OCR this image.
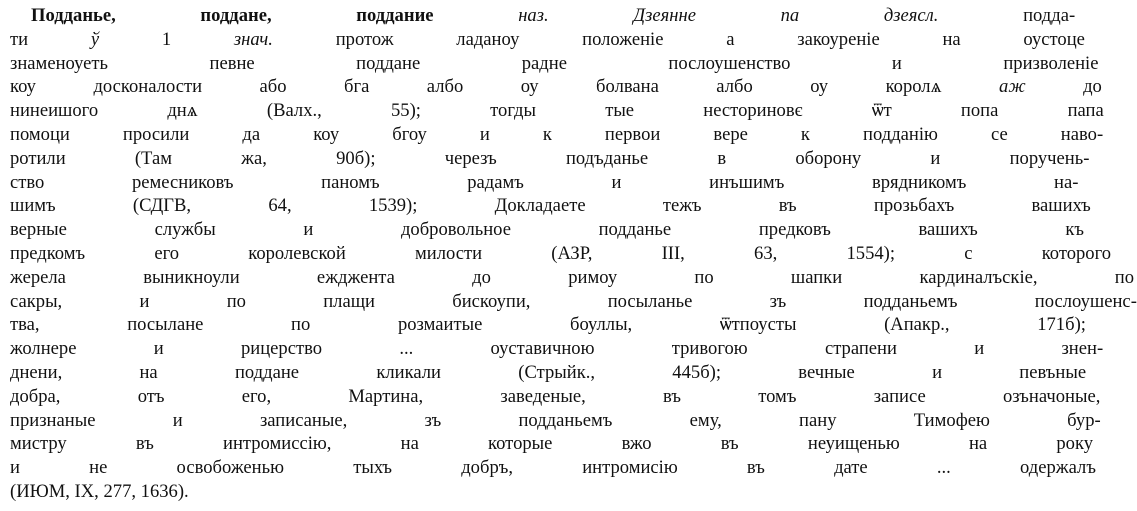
Подданье, поддане, поддание	наз. Дзеянне па дзеясл. подда-
ти ў 1 знач. протож ладаноу положеніе а закоуреніе на оустоце
знаменоуеть певне поддане радне послоушенство и призволеніе
коу досконалости або бга албо оу болвана албо оу королѧ аж до
нинеишого днѧ (Валх., 55); тогды тые несториновє ѿт попа папа
помоци просили да коу бгоу и к первои вере к подданію се наво-
ротили (Там жа, 90б); черезъ подъданье в оборону и поручень-
ство ремесниковъ паномъ радамъ и инъшимъ врядникомъ на-
шимъ (СДГВ, 64, 1539); Докладаете тежъ въ прозьбахъ вашихъ
верные службы и добровольное подданье предковъ вашихъ къ
предкомъ его королевской милости (АЗР, III, 63, 1554); с которого
жерела выникноули ежджента до римоу по шапки кардиналъскіе, по
сакры, и по плащи бискоупи, посыланье зъ подданьемъ послоушенс-
тва, посылане по розмаитые боуллы, ѿтпоусты (Апакр., 171б);
жолнере и рицерство ... оуставичною тривогою страпени и знен-
днени, на поддане кликали (Стрыйк., 445б); вечные и певъные
добра, отъ его, Мартина, заведеные, въ томъ записе озъначоные,
признаные и записаные, зъ подданьемъ ему, пану Тимофею бур-
мистру въ интромиссію, на которые вжо въ неуищенью на року
и не освобоженью тыхъ добръ, интромисію въ дате ... одержалъ
(ИЮМ, IX, 277, 1636).
